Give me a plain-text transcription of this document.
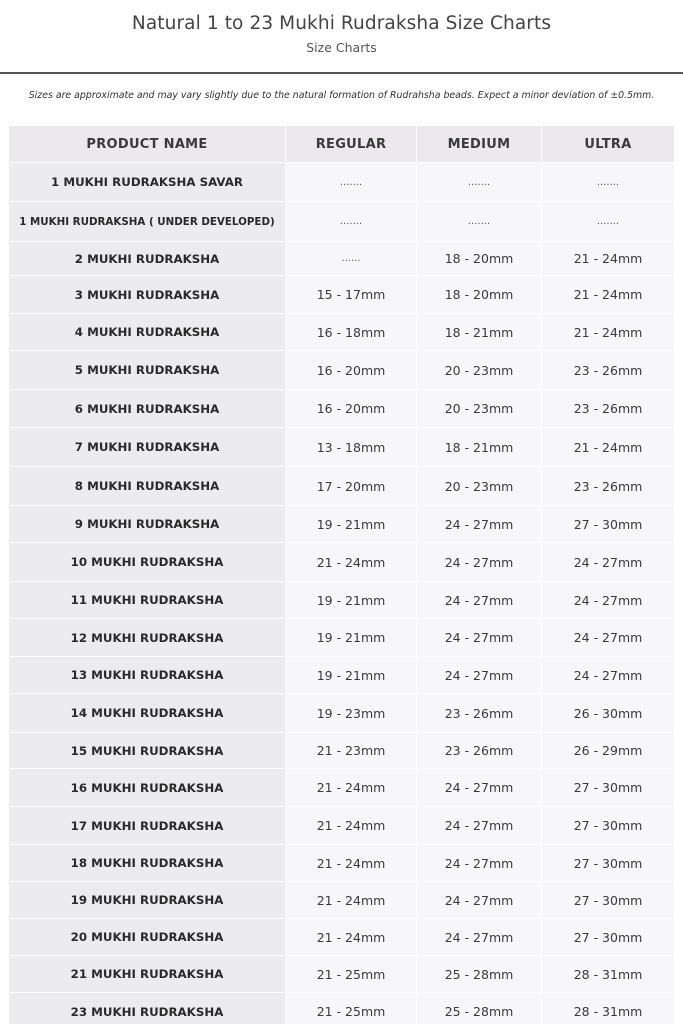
Natural 1 to 23 Mukhi Rudraksha Size Charts
Size Charts
Sizes are approximate and may vary slightly due to the natural formation of Rudrahsha beads. Expect a minor deviation of ±0.5mm.
PRODUCT NAME	REGULAR	MEDIUM	ULTRA
1 MUKHI RUDRAKSHA SAVAR	.......	.......	.......
1 MUKHI RUDRAKSHA ( UNDER DEVELOPED)	.......	.......	.......
2 MUKHI RUDRAKSHA	......	18 - 20mm	21 - 24mm
3 MUKHI RUDRAKSHA	15 - 17mm	18 - 20mm	21 - 24mm
4 MUKHI RUDRAKSHA	16 - 18mm	18 - 21mm	21 - 24mm
5 MUKHI RUDRAKSHA	16 - 20mm	20 - 23mm	23 - 26mm
6 MUKHI RUDRAKSHA	16 - 20mm	20 - 23mm	23 - 26mm
7 MUKHI RUDRAKSHA	13 - 18mm	18 - 21mm	21 - 24mm
8 MUKHI RUDRAKSHA	17 - 20mm	20 - 23mm	23 - 26mm
9 MUKHI RUDRAKSHA	19 - 21mm	24 - 27mm	27 - 30mm
10 MUKHI RUDRAKSHA	21 - 24mm	24 - 27mm	24 - 27mm
11 MUKHI RUDRAKSHA	19 - 21mm	24 - 27mm	24 - 27mm
12 MUKHI RUDRAKSHA	19 - 21mm	24 - 27mm	24 - 27mm
13 MUKHI RUDRAKSHA	19 - 21mm	24 - 27mm	24 - 27mm
14 MUKHI RUDRAKSHA	19 - 23mm	23 - 26mm	26 - 30mm
15 MUKHI RUDRAKSHA	21 - 23mm	23 - 26mm	26 - 29mm
16 MUKHI RUDRAKSHA	21 - 24mm	24 - 27mm	27 - 30mm
17 MUKHI RUDRAKSHA	21 - 24mm	24 - 27mm	27 - 30mm
18 MUKHI RUDRAKSHA	21 - 24mm	24 - 27mm	27 - 30mm
19 MUKHI RUDRAKSHA	21 - 24mm	24 - 27mm	27 - 30mm
20 MUKHI RUDRAKSHA	21 - 24mm	24 - 27mm	27 - 30mm
21 MUKHI RUDRAKSHA	21 - 25mm	25 - 28mm	28 - 31mm
23 MUKHI RUDRAKSHA	21 - 25mm	25 - 28mm	28 - 31mm
